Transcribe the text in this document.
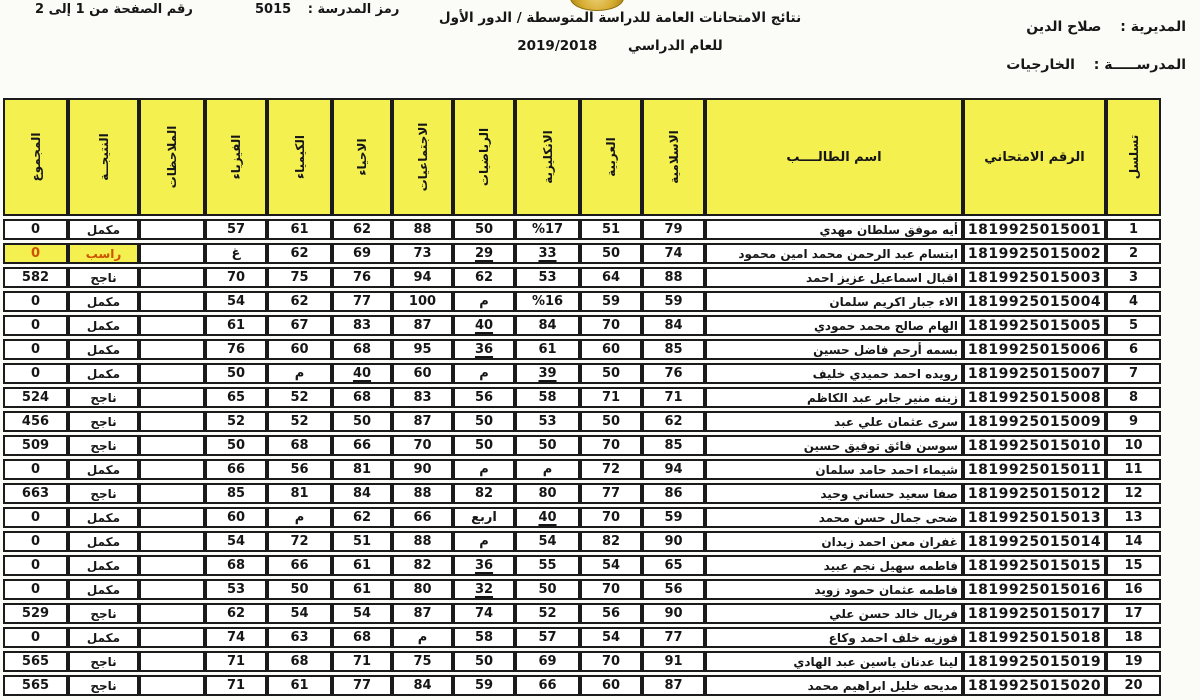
المديرية : صلاح الدين
المدرســـــة : الخارجيات
نتائج الامتحانات العامة للدراسة المتوسطة / الدور الأول
للعام الدراسي 2019/2018
رمز المدرسة : 5015
رقم الصفحة من 1 إلى 2
تسلسل	الرقم الامتحاني	اسم الطالــــب	الاسلامية	العربية	الانكليزية	الرياضيات	الاجتماعيات	الاحياء	الكيمياء	الفيزياء	الملاحظات	النتيجــة	المجموع

1	1819925015001	أيه موفق سلطان مهدي	79	51	%17	50	88	62	61	57		مكمل	0
2	1819925015002	ابتسام عبد الرحمن محمد امين محمود	74	50	33	29	73	69	62	غ		راسب	0
3	1819925015003	اقبال اسماعيل عزيز احمد	88	64	53	62	94	76	75	70		ناجح	582
4	1819925015004	الاء جبار اكريم سلمان	59	59	%16	م	100	77	62	54		مكمل	0
5	1819925015005	الهام صالح محمد حمودي	84	70	84	40	87	83	67	61		مكمل	0
6	1819925015006	بسمه أرحم فاضل حسين	85	60	61	36	95	68	60	76		مكمل	0
7	1819925015007	رويده احمد حميدي خليف	76	50	39	م	60	40	م	50		مكمل	0
8	1819925015008	زينه منير جابر عبد الكاظم	71	71	58	56	83	68	52	65		ناجح	524
9	1819925015009	سرى عثمان علي عبد	62	50	53	50	87	50	52	52		ناجح	456
10	1819925015010	سوسن فائق توفيق حسين	85	70	50	50	70	66	68	50		ناجح	509
11	1819925015011	شيماء احمد حامد سلمان	94	72	م	م	90	81	56	66		مكمل	0
12	1819925015012	صفا سعيد حساني وحيد	86	77	80	82	88	84	81	85		ناجح	663
13	1819925015013	ضحى جمال حسن محمد	59	70	40	اربع	66	62	م	60		مكمل	0
14	1819925015014	غفران معن احمد زيدان	90	82	54	م	88	51	72	54		مكمل	0
15	1819925015015	فاطمه سهيل نجم عبيد	65	54	55	36	82	61	66	68		مكمل	0
16	1819925015016	فاطمه عثمان حمود زويد	56	70	50	32	80	61	50	53		مكمل	0
17	1819925015017	فريال خالد حسن علي	90	56	52	74	87	54	54	62		ناجح	529
18	1819925015018	فوزيه خلف احمد وكاع	77	54	57	58	م	68	63	74		مكمل	0
19	1819925015019	لينا عدنان ياسين عبد الهادي	91	70	69	50	75	71	68	71		ناجح	565
20	1819925015020	مديحه خليل ابراهيم محمد	87	60	66	59	84	77	61	71		ناجح	565
